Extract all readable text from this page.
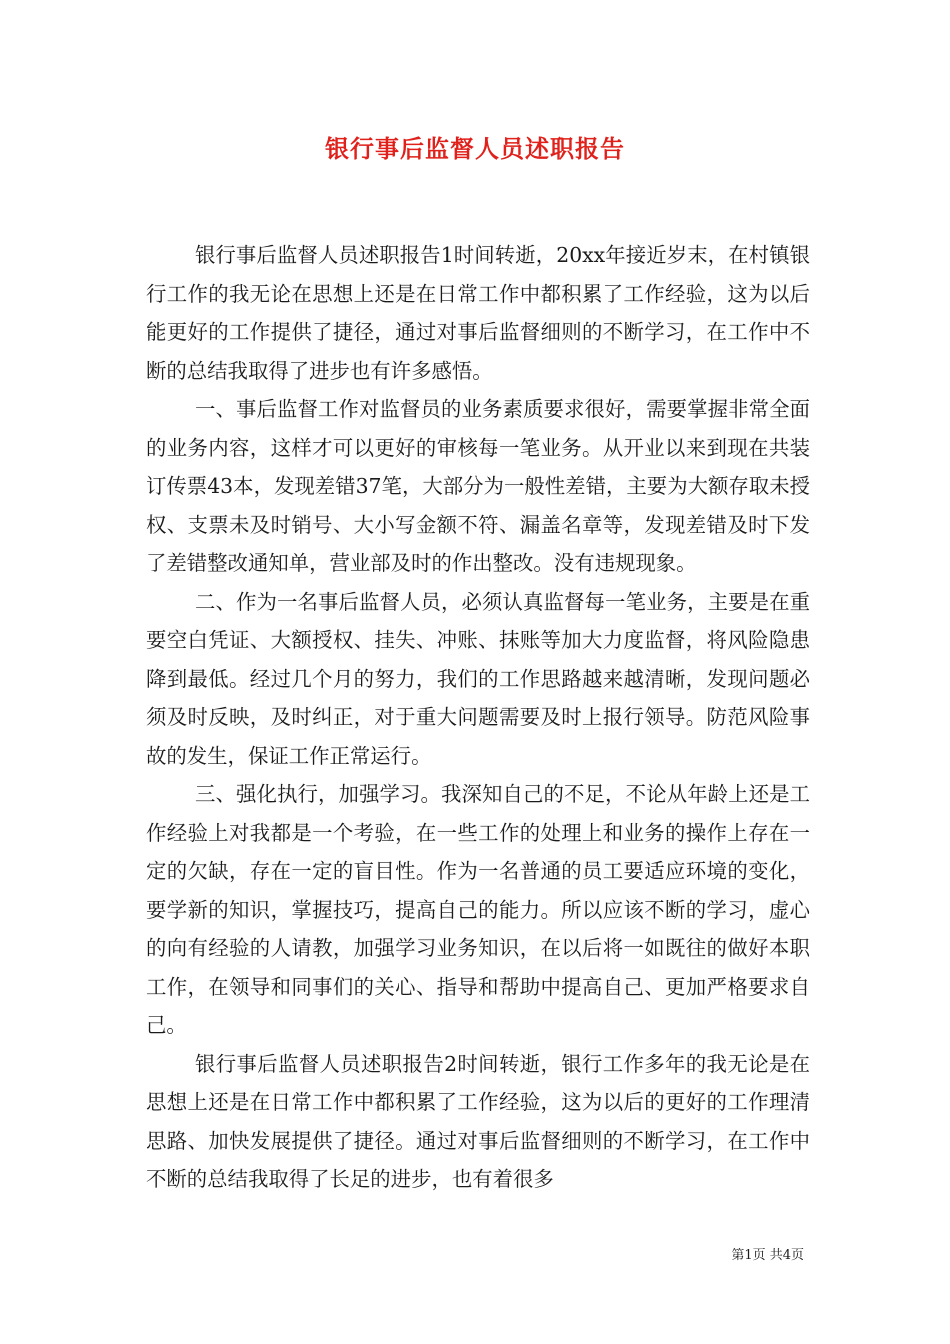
银行事后监督人员述职报告

银行事后监督人员述职报告1时间转逝，20xx年接近岁末，在村镇银行工作的我无论在思想上还是在日常工作中都积累了工作经验，这为以后能更好的工作提供了捷径，通过对事后监督细则的不断学习，在工作中不断的总结我取得了进步也有许多感悟。

一、事后监督工作对监督员的业务素质要求很好，需要掌握非常全面的业务内容，这样才可以更好的审核每一笔业务。从开业以来到现在共装订传票43本，发现差错37笔，大部分为一般性差错，主要为大额存取未授权、支票未及时销号、大小写金额不符、漏盖名章等，发现差错及时下发了差错整改通知单，营业部及时的作出整改。没有违规现象。

二、作为一名事后监督人员，必须认真监督每一笔业务，主要是在重要空白凭证、大额授权、挂失、冲账、抹账等加大力度监督，将风险隐患降到最低。经过几个月的努力，我们的工作思路越来越清晰，发现问题必须及时反映，及时纠正，对于重大问题需要及时上报行领导。防范风险事故的发生，保证工作正常运行。

三、强化执行，加强学习。我深知自己的不足，不论从年龄上还是工作经验上对我都是一个考验，在一些工作的处理上和业务的操作上存在一定的欠缺，存在一定的盲目性。作为一名普通的员工要适应环境的变化，要学新的知识，掌握技巧，提高自己的能力。所以应该不断的学习，虚心的向有经验的人请教，加强学习业务知识，在以后将一如既往的做好本职工作，在领导和同事们的关心、指导和帮助中提高自己、更加严格要求自己。

银行事后监督人员述职报告2时间转逝，银行工作多年的我无论是在思想上还是在日常工作中都积累了工作经验，这为以后的更好的工作理清思路、加快发展提供了捷径。通过对事后监督细则的不断学习，在工作中不断的总结我取得了长足的进步，也有着很多

第1页 共4页
